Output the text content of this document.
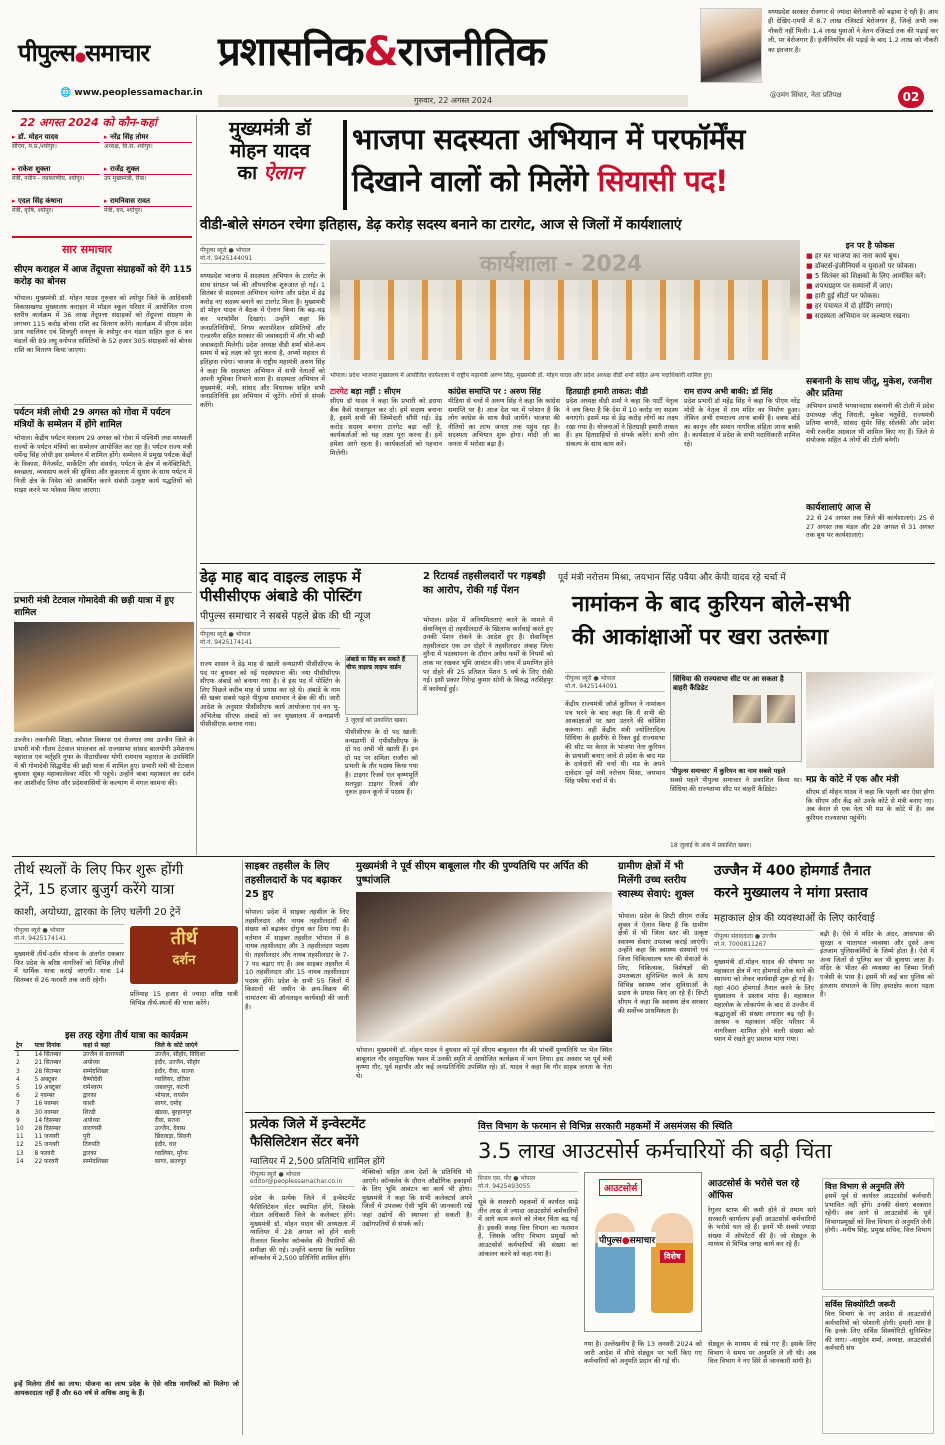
पीपुल्स●समाचार
🌐 www.peoplessamachar.in
प्रशासनिक&राजनीतिक
गुरुवार, 22 अगस्त 2024
मध्यप्रदेश सरकार रोजगार से ज्यादा बेरोजगारी को बढ़ावा दे रही है। आप ही देखिए-एमपी में 8.7 लाख रजिस्टर्ड बेरोजगार हैं, जिन्हें अभी तक नौकरी नहीं मिली। 1.4 लाख युवाओं ने वेतन रजिस्टर्ड तक की पढ़ाई कर ली, पर बेरोजगार हैं। इंजीनियरिंग की पढ़ाई के बाद 1.2 लाख को नौकरी का इंतजार है।
@उमंग सिंघार, नेता प्रतिपक्ष	02
22 अगस्त 2024 को कौन-कहां
▸ डॉ. मोहन यादव
सीएम, म.प्र./श्योपुर।
▸ नरेंद्र सिंह तोमर
अध्यक्ष, वि.स. श्योपुर।
▸ राकेश शुक्ला
मंत्री, नवीन - नवकरणीय, श्योपुर।
▸ राजेंद्र शुक्ल
उप मुख्यमंत्री, रीवा।
▸ एदल सिंह कंषाना
मंत्री, कृषि, श्योपुर।
▸ रामनिवास रावत
मंत्री, वन, श्योपुर।
सार समाचार
सीएम कराहल में आज तेंदूपत्ता संग्राहकों को देंगे 115 करोड़ का बोनस
भोपाल। मुख्यमंत्री डॉ. मोहन यादव गुरुवार को श्योपुर जिले के आदिवासी विकासखण्ड मुख्यालय कराहल में मॉडल स्कूल परिसर में आयोजित राज्य स्तरीय कार्यक्रम में 36 लाख तेंदूपत्ता संग्राहकों को तेंदूपत्ता संग्रहण के लगभग 115 करोड़ बोनस राशि का वितरण करेंगे। कार्यक्रम में सीएम प्रदेश प्राथ ग्वालियर एवं शिवपुरी वनवृत्त के श्योपुर वन मंडल सहित कुल 6 वन मंडलों की 89 लघु वनोपज समितियों के 52 हजार 305 संग्राहकों को बोनस राशि का वितरण किया जाएगा।
पर्यटन मंत्री लोधी 29 अगस्त को गोवा में पर्यटन मंत्रियों के सम्मेलन में होंगे शामिल
भोपाल। केंद्रीय पर्यटन मंत्रालय 29 अगस्त को गोवा में पश्चिमी तथा मध्यवर्ती राज्यों के पर्यटन मंत्रियों का सम्मेलन आयोजित कर रहा है। पर्यटन राज्य मंत्री धर्मेन्द्र सिंह लोधी इस सम्मेलन में शामिल होंगे। सम्मेलन में प्रमुख पर्यटक केंद्रों के विकास, मैनेजमेंट, मार्केटिंग और संवर्धन, पर्यटन के क्षेत्र में कनेक्टिविटी, स्वच्छता, व्यवसाय करने की सुविधा और कुशलता में सुधार के साथ पर्यटन में निजी क्षेत्र के निवेश को आकर्षित करने संबंधी उत्कृष्ट कार्य पद्धतियों को साझा करने पर फोकस किया जाएगा।
प्रभारी मंत्री टेटवाल गोमादेवी की छड़ी यात्रा में हुए शामिल
उज्जैन। तकनीकी शिक्षा, कौशल विकास एवं रोजगार तथा उज्जैन जिले के प्रभारी मंत्री गौतम टेटवाल मंगलवार को राज्यसभा सांसद बालयोगी उमेशनाथ महाराज एवं भर्तृहरि गुफा के पीठाधीश्वर योगी रामनाथ महाराज के उपस्थिति में श्री गोमादेवी सिद्धपीठ की छड़ी यात्रा में शामिल हुए। प्रभारी मंत्री श्री टेटवाल बुधवार सुबह महाकालेश्वर मंदिर भी पहुंचे। उन्होंने बाबा महाकाल का दर्शन कर आशीर्वाद लिया और प्रदेशवासियों के कल्याण में मंगल कामना की।
मुख्यमंत्री डॉ
मोहन यादव
का ऐलान
भाजपा सदस्यता अभियान में परफॉर्मेंस
दिखाने वालों को मिलेंगे सियासी पद!
वीडी-बोले संगठन रचेगा इतिहास, डेढ़ करोड़ सदस्य बनाने का टारगेट, आज से जिलों में कार्यशालाएं
पीपुल्स ब्यूरो ● भोपाल
मो.नं. 9425144091
मध्यप्रदेश भाजपा में सदस्यता अभियान के टारगेट के साथ संगठन पर्व की औपचारिक शुरुआत हो गई। 1 सितंबर से सदस्यता अभियान चलेगा और प्रदेश में डेढ़ करोड़ नए सदस्य बनाने का टारगेट मिला है। मुख्यमंत्री डॉ मोहन यादव ने बैठक में ऐलान किया कि बढ़-चढ़ कर परफॉर्मेंस दिखाएं। उन्होंने कहा कि जनप्रतिनिधियों, निगम कारपोरेशन समितियों और एल्डरमैन सहित सरकार की जवाबदारी में और भी बड़ी जवाबदारी मिलेगी। प्रदेश अध्यक्ष वीडी शर्मा बोले-कम समय में बड़े लक्ष्य को पूरा करना है, अभ्यों महारत से इतिहास रचेगा। भाजपा के राष्ट्रीय महामंत्री अरुण सिंह ने कहा कि सदस्यता अभियान में सभी नेताओं को अपनी भूमिका निभाने वाला है। सदस्यता अभियान में मुख्यमंत्री, मंत्री, सांसद और विधायक सहित सभी जनप्रतिनिधि इस अभियान में जुटेंगे। लोगों से संपर्क करेंगे।
कार्यशाला - 2024
भोपाल। प्रदेश भाजपा मुख्यालय में आयोजित कार्यशाला में राष्ट्रीय महामंत्री अरुण सिंह, मुख्यमंत्री डॉ. मोहन यादव और प्रदेश अध्यक्ष वीडी शर्मा सहित अन्य पदाधिकारी शामिल हुए।
टारगेट बड़ा नहीं : सीएम
सीएम डॉ यादव ने कहा कि प्रभारी को डराया बैंक कैसे पावरफुल कर दो। हमें सदस्य बनाना है, इसमें सभी की जिम्मेदारी सौंपी गई। डेढ़ करोड़ सदस्य बनाना टारगेट बड़ा नहीं है, कार्यकर्ताओं को यह लक्ष्य पूरा करना है। हमें हमेशा आगे रहना है। कार्यकर्ताओं को पहचान मिलेगी।
कांग्रेस समाप्ति पर : अरुण सिंह
मीडिया से चर्चा में अरुण सिंह ने कहा कि कांग्रेस समाप्ति पर है। आज देश भर में परेशान है कि लोग कांग्रेस के साथ कैसे जायेंगे। भाजपा की नीतियों का लाभ जनता तक पहुंच रहा है। सदस्यता अभियान शुरू होगा। मोदी जी का जनता में भरोसा बढ़ा है।
हितग्राही हमारी ताकत: वीडी
प्रदेश अध्यक्ष वीडी शर्मा ने कहा कि पार्टी नेतृत्व ने जय किया है कि देश में 10 करोड़ नए सदस्य बनाएंगे। इसमें मप्र से डेढ़ करोड़ लोगों का लक्ष्य रखा गया है। योजनाओं ने हितग्राही हमारी ताकत हैं। हम हितग्राहियों से संपर्क करेंगे। सभी लोग संकल्प के साथ काम करें।
राम राज्य अभी बाकी: डॉ सिंह
प्रदेश प्रभारी डॉ महेंद्र सिंह ने कहा कि पीएम नरेंद्र मोदी के नेतृत्व में राम मंदिर का निर्माण हुआ। लेकिन अभी रामराज्य लाना बाकी है। वक्फ बोर्ड का कानून और समान नागरिक संहिता लाना बाकी है। कार्यशाला में प्रदेश के सभी पदाधिकारी शामिल रहे।
इन पर है फोकस
■ हर घर भाजपा का नारा कार्य बूथ।
■ डॉक्टर्स-इंजीनियर्स व युवाओं पर फोकस।
■ 5 सितंबर को शिक्षकों के लिए आमंत्रित करें।
■ शपथग्रहण पर सम्मानों में जाए।
■ हारी हुई सीटों पर फोकस।
■ हर पंचायत में दो होर्डिंग लगाएं।
■ सदस्यता अभियान पर कल्याण रखना।
सबनानी के साथ जीतू, मुकेश, रजनीश और प्रतिमा
अभियान प्रभारी भगवानदास सबनानी की टोली में प्रदेश उपाध्यक्ष जीतू जिराती, मुकेश चतुर्वेदी, राज्यमंत्री प्रतिमा बागरी, सांसद सुमेर सिंह सोलंकी और प्रदेश मंत्री रजनीश अग्रवाल भी शामिल किए गए हैं। जिले से संयोजक सहित 4 लोगों की टोली बनेगी।
कार्यशालाएं आज से
22 से 24 अगस्त तक जिले की कार्यशालाएं। 25 से 27 अगस्त तक मंडल और 28 अगस्त से 31 अगस्त तक बूथ पर कार्यशालाएं।
डेढ़ माह बाद वाइल्ड लाइफ में
पीसीसीएफ अंबाडे की पोस्टिंग
पीपुल्स समाचार ने सबसे पहले ब्रेक की थी न्यूज
पीपुल्स ब्यूरो ● भोपाल
मो.नं. 9425174141
अंबाडे या सिंह बन सकते हैं चीफ वाइल्ड लाइफ वार्डन
3 जुलाई को प्रकाशित खबर।
राज्य शासन ने डेढ़ माह से खाली वन्यप्राणी पीसीसीएफ के पद पर बुधवार को नई पदस्थापना की। नया पीसीसीएफ सीएफ अंबाडे को बनाया गया है। वे इस पद में पोस्टिंग के लिए पिछले करीब माह से प्रयास कर रहे थे। अंबाडे के नाम की खबर सबसे पहले पीपुल्स समाचार ने ब्रेक की थी। जारी आदेश के अनुसार पीसीसीएफ कार्य आयोजना एवं वन भू-अभिलेख सीएफ अंबाडे को वन मुख्यालय में वन्यप्राणी पीसीसीएफ बनाया गया।
पीसीसीएफ के दो पद खाली: वन्यप्राणी में एपीसीसीएफ के दो पद अभी भी खाली हैं। इन दो पद पर समिता राजौरा को प्रभारी के तौर पदस्थ किया गया है। टाइगर रिजर्व एल कृष्णमूर्ति सतपुड़ा टाइगर रिजर्व और नूरुल हसन कूनो में पदस्थ हैं।
2 रिटायर्ड तहसीलदारों पर गड़बड़ी का आरोप, रोकी गई पेंशन
भोपाल। प्रदेश में अनियमितताएं करने के मामले में सेवानिवृत्त दो तहसीलदारों के खिलाफ कार्रवाई करते हुए उनकी पेंशन रोकने के आदेश हुए हैं। सेवानिवृत्त तहसीलदार एक उन दोहरे ने तहसीलदार अंबाह जिला मुरैना में पदस्थापना के दौरान अवैध फर्मों के नियमों को ताक पर रखकर भूमि आवंटन की। जांच में प्रमाणित होने पर दोहरे की 25 प्रतिशत पेंशन 5 वर्ष के लिए रोकी गई। इसी प्रकार गिरेन्द्र कुमार सोनी के विरुद्ध नरसिंहपुर में कार्रवाई हुई।
पूर्व मंत्री नरोत्तम मिश्रा, जयभान सिंह पवैया और केपी यादव रहे चर्चा में
नामांकन के बाद कुरियन बोले-सभी
की आकांक्षाओं पर खरा उतरूंगा
पीपुल्स ब्यूरो ● भोपाल
मो.नं. 9425144091
केंद्रीय राज्यमंत्री जॉर्ज कुरियन ने नामांकन पत्र भरने के बाद कहा कि मैं सभी की आकांक्षाओं पर खरा उतरने की कोशिश करूंगा। वहीं केंद्रीय मंत्री ज्योतिरादित्य सिंधिया के इस्तीफे से रिक्त हुई राज्यसभा की सीट पर केरल के भाजपा नेता कुरियन के प्रत्याशी बनाए जाने से प्रदेश के बाद मप्र के दावेदारों की चर्चा थी। मप्र के अपने दावेदार पूर्व मंत्री नरोत्तम मिश्रा, जयभान सिंह पवैया चर्चा में थे।
सिंधिया की राज्यसभा सीट पर आ सकता है बाहरी कैंडिडेट
'पीपुल्स समाचार' में कुरियन का नाम सबसे पहले
सबसे पहले पीपुल्स समाचार ने प्रकाशित किया था। सिंधिया की राज्यसभा सीट पर बाहरी कैंडिडेट।
18 जुलाई के अंक में प्रकाशित खबर।
मप्र के कोटे में एक और मंत्री
सीएम डॉ मोहन यादव ने कहा कि पहली बार ऐसा होगा कि सीएम और केंद्र को उनके कोटे से मंत्री बनाए गए। अब केरल से एक नेता भी मप्र के कोटे में है। अब कुरियन राज्यसभा पहुंचेंगे।
तीर्थ स्थलों के लिए फिर शुरू होंगी
ट्रेनें, 15 हजार बुजुर्ग करेंगे यात्रा
काशी, अयोध्या, द्वारका के लिए चलेंगी 20 ट्रेनें
पीपुल्स ब्यूरो ● भोपाल
मो.नं. 9425174141
मुख्यमंत्री तीर्थ-दर्शन योजना के अंतर्गत एकबार फिर प्रदेश के बरिष्ठ नागरिकों को विभिन्न तीर्थों में धार्मिक यात्रा कराई जाएगी। यात्रा 14 सितम्बर से 26 फरवरी तक जारी रहेगी।
तीर्थ
दर्शन
प्रतिमाह 15 हजार से ज्यादा वरिष्ठ यात्री विभिन्न तीर्थ-स्थलों की यात्रा करेंगे।
इस तरह रहेगा तीर्थ यात्रा का कार्यक्रम
ट्रेन	यात्रा दिनांक	कहां से कहां	जिले के कोटे जाएंगे
1	14 सितम्बर	उज्जैन से वाराणसी	उज्जैन, सीहोर, विदिशा
2	21 सितम्बर	अयोध्या	इंदौर, उज्जैन, सीहोर
3	28 सितम्बर	सम्मेदशिखर	इंदौर, रीवा, सतना
4	5 अक्टूबर	वैष्णोदेवी	ग्वालियर, दतिया
5	19 अक्टूबर	रामेश्वरम	जबलपुर, कटनी
6	2 नवम्बर	द्वारका	भोपाल, रायसेन
7	16 नवम्बर	काशी	सागर, दमोह
8	30 नवम्बर	शिरडी	खंडवा, बुरहानपुर
9	14 दिसम्बर	अयोध्या	रीवा, सतना
10	28 दिसम्बर	वाराणसी	उज्जैन, देवास
11	11 जनवरी	पुरी	छिंदवाड़ा, सिवनी
12	25 जनवरी	तिरुपति	इंदौर, धार
13	8 फरवरी	द्वारका	ग्वालियर, मुरैना
14	22 फरवरी	सम्मेदशिखर	सागर, छतरपुर
इन्हें मिलेगा तीर्थ का लाभ: योजना का लाभ प्रदेश के ऐसे वरिष्ठ नागरिकों को मिलेगा जो आयकरदाता नहीं हैं और 60 वर्ष से अधिक आयु के हैं।
साइबर तहसील के लिए तहसीलदारों के पद बढ़ाकर 25 हुए
भोपाल। प्रदेश में साइबर तहसील के लिए तहसीलदार और नायब तहसीलदारों की संख्या को बढ़ाकर दोगुना कर दिया गया है। वर्तमान में साइबर तहसील भोपाल में 8 नायब तहसीलदार और 3 तहसीलदार पदस्थ थे। तहसीलदार और नायब तहसीलदार के 7-7 पद बढ़ाए गए हैं। अब साइबर तहसील में 10 तहसीलदार और 15 नायब तहसीलदार पदस्थ होंगे। प्रदेश के सभी 55 जिलों में किसानों की जमीन के क्रय-विक्रय की नामांतरण की ऑनलाइन कार्यवाही की जाती है।
मुख्यमंत्री ने पूर्व सीएम बाबूलाल गौर की पुण्यतिथि पर अर्पित की पुष्पांजलि
भोपाल। मुख्यमंत्री डॉ. मोहन यादव ने बुधवार को पूर्व सीएम बाबूलाल गौर की पांचवीं पुण्यतिथि पर भेल स्थित बाबूलाल गौर सामुदायिक भवन में उनकी स्मृति में आयोजित कार्यक्रम में भाग लिया। इस अवसर पर पूर्व मंत्री कृष्णा गौर, पूर्व महापौर और कई जनप्रतिनिधि उपस्थित रहे। डॉ. यादव ने कहा कि गौर साहब जनता के नेता थे।
ग्रामीण क्षेत्रों में भी मिलेंगी उच्च स्तरीय स्वास्थ्य सेवाएं: शुक्ल
भोपाल। प्रदेश के डिप्टी सीएम राजेंद्र शुक्ल ने ऐलान किया है कि ग्रामीण क्षेत्रों में भी जिला स्तर की उत्कृष्ट स्वास्थ्य सेवाएं उपलब्ध कराई जाएंगी। उन्होंने कहा कि स्वास्थ्य संस्थानों एवं जिला चिकित्सालय स्तर की सेवाओं के लिए, चिकित्सक, विशेषज्ञों की उपलब्धता सुनिश्चित करने के साथ विभिन्न स्वास्थ्य जांच सुविधाओं के प्रदाय के प्रयास किए जा रहे हैं। डिप्टी सीएम ने कहा कि स्वास्थ्य क्षेत्र सरकार की सर्वोच्च प्राथमिकता है।
उज्जैन में 400 होमगार्ड तैनात
करने मुख्यालय ने मांगा प्रस्ताव
महाकाल क्षेत्र की व्यवस्थाओं के लिए कार्रवाई
पीपुल्स संवाददाता ● उज्जैन
मो.नं. 7000811267
मुख्यमंत्री डॉ.मोहन यादव की घोषणा पर महाकाल क्षेत्र में नए होमगार्ड लोक थाने की स्थापना को लेकर कार्यवाही शुरू हो गई है। यहां 400 होमगार्ड तैनात करने के लिए मुख्यालय ने प्रस्ताव मांगा है। महाकाल महालोक के लोकार्पण के बाद से उज्जैन में श्रद्धालुओं की संख्या लगातार बढ़ रही है। आश्रम व महाकाल मंदिर परिसर में नागरिक्ता शामिल होने वाली संख्या को ध्यान में रखते हुए प्रस्ताव मांगा गया।
बढ़ी है। ऐसे में मंदिर के अंदर, आसपास की सुरक्षा व यातायात व्यवस्था और दूसरे अन्य इंतजाम पुलिसकर्मियों के जिम्मे होता है। ऐसे में अन्य जिलों से पुलिस बल भी बुलाया जाता है। मंदिर के भीतर की व्यवस्था का जिम्मा निजी एजेंसी के पास है। इसमें भी कई बार पुलिस को इंतजाम संभालने के लिए हस्तक्षेप करना पड़ता है।
प्रत्येक जिले में इन्वेस्टमेंट
फैसिलिटेशन सेंटर बनेंगे
ग्वालियर में 2,500 प्रतिनिधि शामिल होंगे
पीपुल्स ब्यूरो ● भोपाल
editor@peoplessamachar.co.in
प्रदेश के प्रत्येक जिले में इन्वेस्टमेंट फैसिलिटेशन सेंटर स्थापित होंगे, जिसके नोडल अधिकारी जिले के कलेक्टर होंगे। मुख्यमंत्री डॉ. मोहन यादव की अध्यक्षता में ग्वालियर में 28 अगस्त को होने वाली रीजनल बिजनेस कॉन्क्लेव की तैयारियों की समीक्षा की गई। उन्होंने बताया कि ग्वालियर कॉन्क्लेव में 2,500 प्रतिनिधि शामिल होंगे।
मेक्सिको सहित अन्य देशों के प्रतिनिधि भी आएंगे। कॉन्क्लेव के दौरान औद्योगिक इकाइयों के लिए भूमि आवंटन का कार्य भी होगा। मुख्यमंत्री ने कहा कि सभी कलेक्टर्स अपने जिलों में उपलब्ध ऐसी भूमि की जानकारी रखें जहां उद्योगों की स्थापना हो सकती है। उद्योगपतियों से संपर्क करें।
वित्त विभाग के फरमान से विभिन्न सरकारी महकमों में असमंजस की स्थिति
3.5 लाख आउटसोर्स कर्मचारियों की बढ़ी चिंता
विजय एस. गौर ● भोपाल
मो.नं. 9425493055
सूबे के सरकारी महकमों में कार्यरत साढ़े तीन लाख से ज्यादा आउटसोर्स कर्मचारियों में आगे काम करने को लेकर चिंता बढ़ गई है। इसकी वजह वित्त विभाग का फरमान है, जिसके जरिए विभाग प्रमुखों को आउटसोर्स कर्मचारियों की संख्या का आंकलन करने को कहा गया है।
आउटसोर्स
पीपुल्स●समाचार
विशेष
गया है। उल्लेखनीय है कि 13 जनवरी 2024 को जारी आदेश में सीधे सेड्यूल पर भर्ती किए गए कर्मचारियों को अनुमति प्रदान की गई थी।
आउटसोर्स के भरोसे चल रहे ऑफिस
रेगुलर स्टाफ की कमी होने से तमाम सारे सरकारी कार्यालय इन्हीं आउटसोर्स कर्मचारियों के भरोसे चल रहे हैं। इनमें भी सबसे ज्यादा संख्या में ऑपरेटरों की है। जो सेड्यूल के माध्यम से विभिन्न जगह कार्य कर रहे हैं।
सेड्यूल के माध्यम से रखे गए हैं। इसके लिए विभाग ने समय पर अनुमति ले ली थी। अब वित्त विभाग ने नए सिरे से जानकारी मांगी है।
वित्त विभाग से अनुमति लेंगे
इसमें पूर्व से कार्यरत आउटसोर्स कर्मचारी प्रभावित नहीं होंगे। उनकी सेवाएं बरकरार रहेंगी। अब आगे से आउटसोर्स के पूर्व विभागप्रमुखों को वित्त विभाग से अनुमति लेनी होगी। -मनीष सिंह, प्रमुख सचिव, वित्त विभाग
सर्विस सिक्योरिटी जरूरी
वित्त विभाग के नए आदेश से आउटसोर्स कर्मचारियों को परेशानी होगी। हमारी मांग है कि इनके लिए सर्विस सिक्योरिटी सुनिश्चित की जाए। -वासुदेव शर्मा, अध्यक्ष, आउटसोर्स कर्मचारी संघ
